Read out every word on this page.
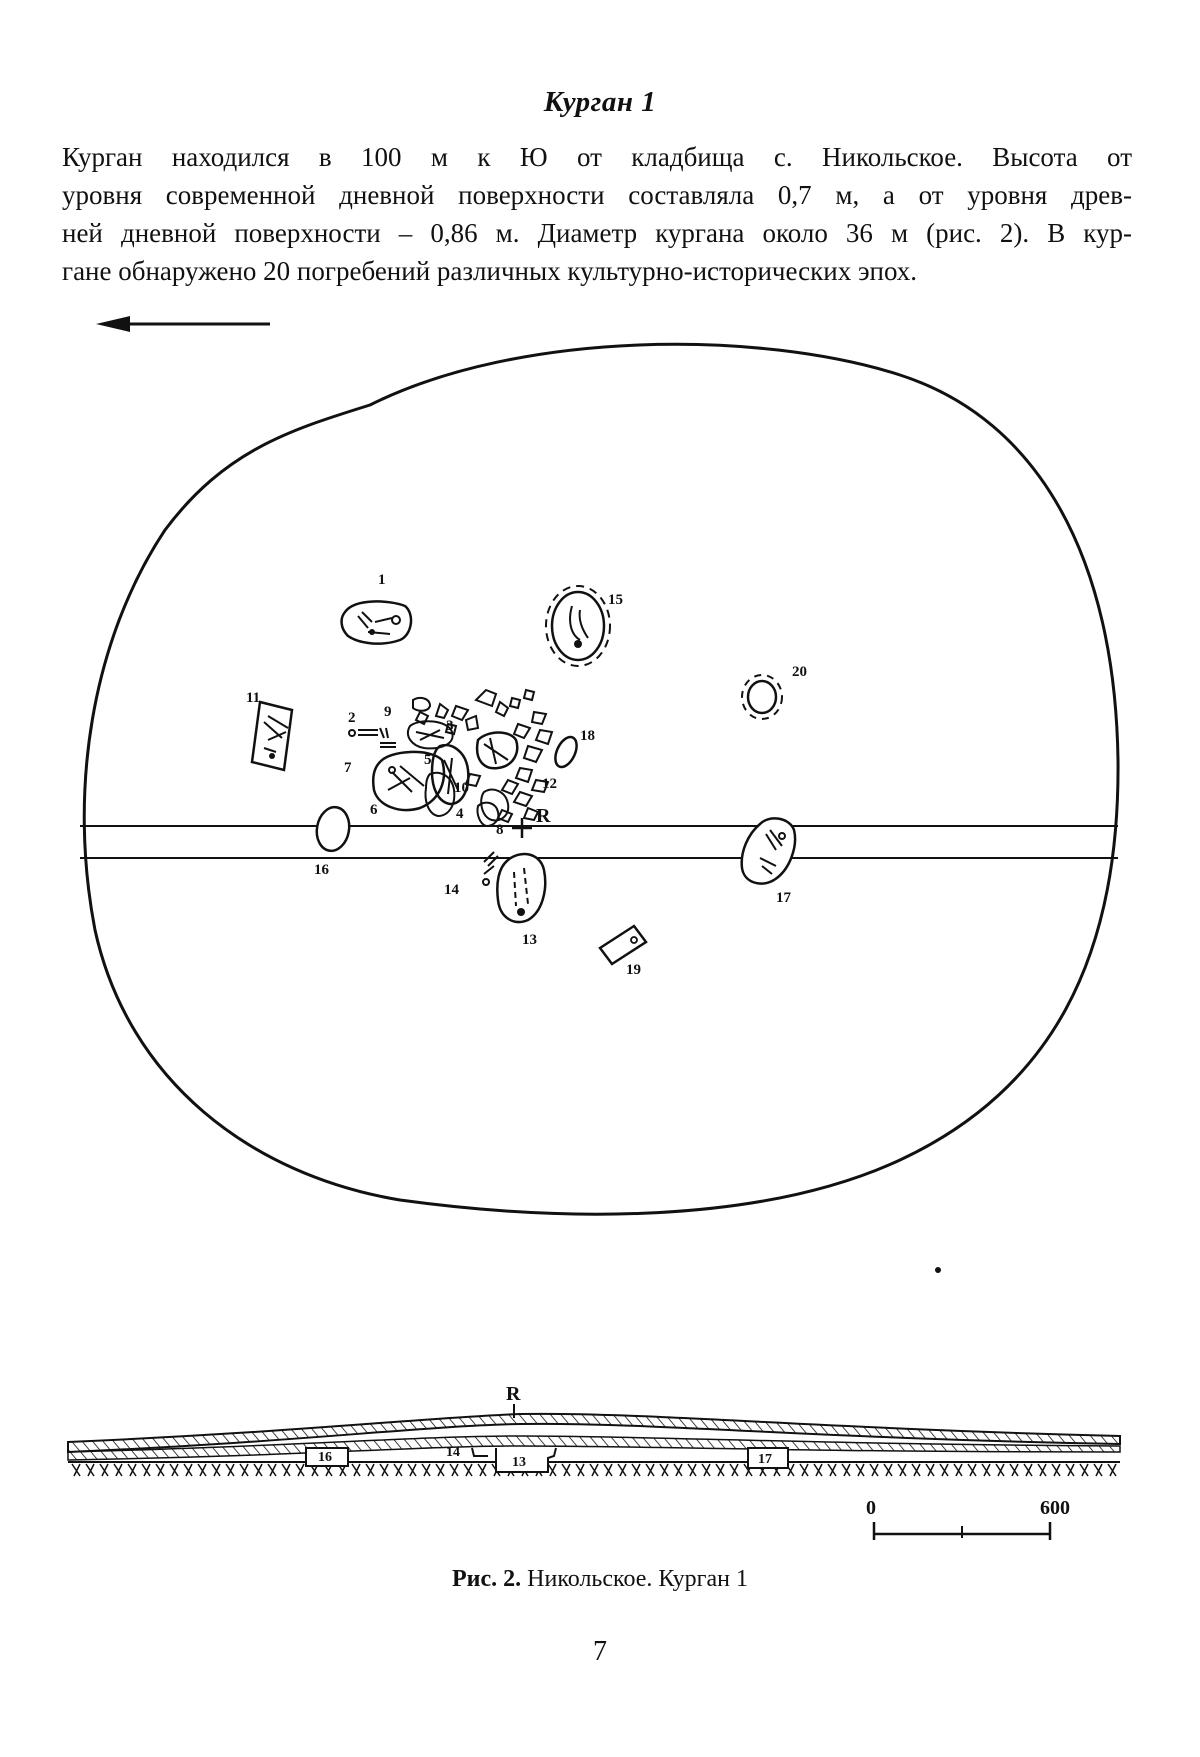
Курган 1
Курган находился в 100 м к Ю от кладбища с. Никольское. Высота от
уровня современной дневной поверхности составляла 0,7 м, а от уровня древ-
ней дневной поверхности – 0,86 м. Диаметр кургана около 36 м (рис. 2). В кур-
гане обнаружено 20 погребений различных культурно-исторических эпох.
R
1
2	3
4
5
6
7
8
9
10
11
12
13
14
15
16
17
18
19
20
16	14
13	17
R
0	600
Рис. 2. Никольское. Курган 1
7
